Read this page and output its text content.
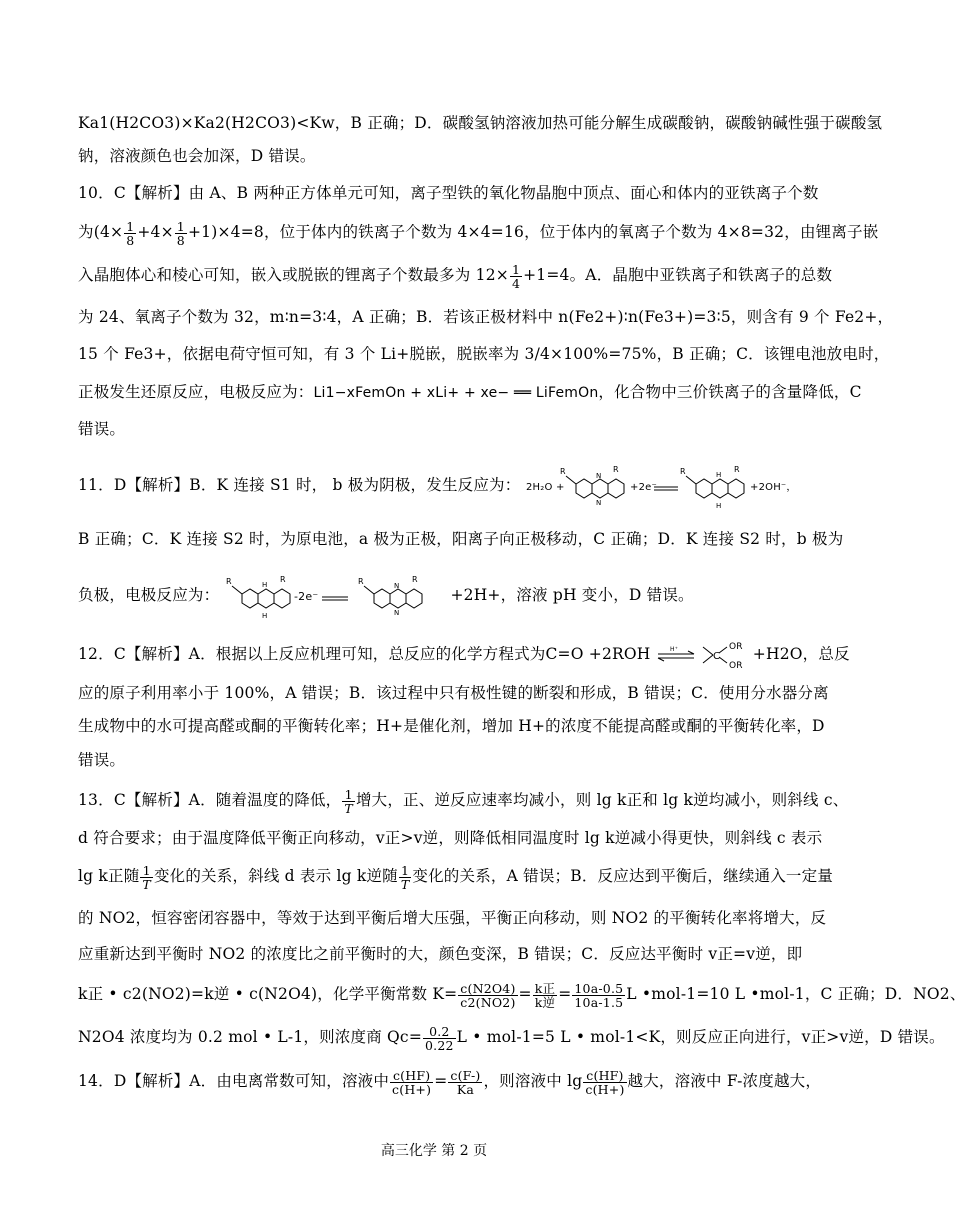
Ka1(H2CO3)×Ka2(H2CO3)<Kw，B 正确；D．碳酸氢钠溶液加热可能分解生成碳酸钠，碳酸钠碱性强于碳酸氢
钠，溶液颜色也会加深，D 错误。
10．C【解析】由 A、B 两种正方体单元可知，离子型铁的氧化物晶胞中顶点、面心和体内的亚铁离子个数
为$(4\times \frac{1}{8} +4\times \frac{1}{8} +1)\times 4=8$，位于体内的铁离子个数为 4×4=16，位于体内的氧离子个数为 4×8=32，由锂离子嵌
入晶胞体心和棱心可知，嵌入或脱嵌的锂离子个数最多为 $12\times \frac{1}{4} +1=4$。A．晶胞中亚铁离子和铁离子的总数
为 24、氧离子个数为 32，m∶n=3∶4，A 正确；B．若该正极材料中 n(Fe2+)∶n(Fe3+)=3∶5，则含有 9 个 Fe2+，
15 个 Fe3+，依据电荷守恒可知，有 3 个 Li+脱嵌，脱嵌率为 3/4×100%=75%，B 正确；C．该锂电池放电时，
正极发生还原反应，电极反应为：Li1−xFemOn + xLi+ + xe− ══ LiFemOn，化合物中三价铁离子的含量降低，C
错误。
11．D【解析】B．K 连接 S1 时， b 极为阴极，发生反应为： 2H₂O +
R	R
N
N
+2e⁻
R	R
H
H
+2OH⁻，
B 正确；C．K 连接 S2 时，为原电池，a 极为正极，阳离子向正极移动，C 正确；D．K 连接 S2 时，b 极为
负极，电极反应为：
R	R
H
H
-2e⁻
R	R
N
N
+2H+，溶液 pH 变小，D 错误。
12．C【解析】A．根据以上反应机理可知，总反应的化学方程式为C=O +2ROH	H⁺

C
OR
OR
+H2O，总反
应的原子利用率小于 100%，A 错误；B．该过程中只有极性键的断裂和形成，B 错误；C．使用分水器分离
生成物中的水可提高醛或酮的平衡转化率；H+是催化剂，增加 H+的浓度不能提高醛或酮的平衡转化率，D
错误。
13．C【解析】A．随着温度的降低， $\frac{1}{T}$ 增大，正、逆反应速率均减小，则 lg k正和 lg k逆均减小，则斜线 c、
d 符合要求；由于温度降低平衡正向移动，v正>v逆，则降低相同温度时 lg k逆减小得更快，则斜线 c 表示
lg k正随 $\frac{1}{T}$ 变化的关系，斜线 d 表示 lg k逆随 $\frac{1}{T}$ 变化的关系，A 错误；B．反应达到平衡后，继续通入一定量
的 NO2，恒容密闭容器中，等效于达到平衡后增大压强，平衡正向移动，则 NO2 的平衡转化率将增大，反
应重新达到平衡时 NO2 的浓度比之前平衡时的大，颜色变深，B 错误；C．反应达平衡时 v正=v逆，即
k正 • c2(NO2)=k逆 • c(N2O4)，化学平衡常数 $K= \frac{c(N2O4)}{c2(NO2)} = \frac{\text{k正}}{\text{k逆}} = \frac{10a-0.5}{10a-1.5}$ L •mol-1=10 L •mol-1，C 正确；D．NO2、
N2O4 浓度均为 0.2 mol • L-1，则浓度商 $Qc= \frac{0.2}{0.22}$ L • mol-1=5 L • mol-1<K，则反应正向进行，v正>v逆，D 错误。
14．D【解析】A．由电离常数可知，溶液中 $\frac{c(HF)}{c(H+)} = \frac{c(F-)}{Ka}$ ，则溶液中 $\lg \frac{c(HF)}{c(H+)}$ 越大，溶液中 F-浓度越大，
高三化学 第 2 页
